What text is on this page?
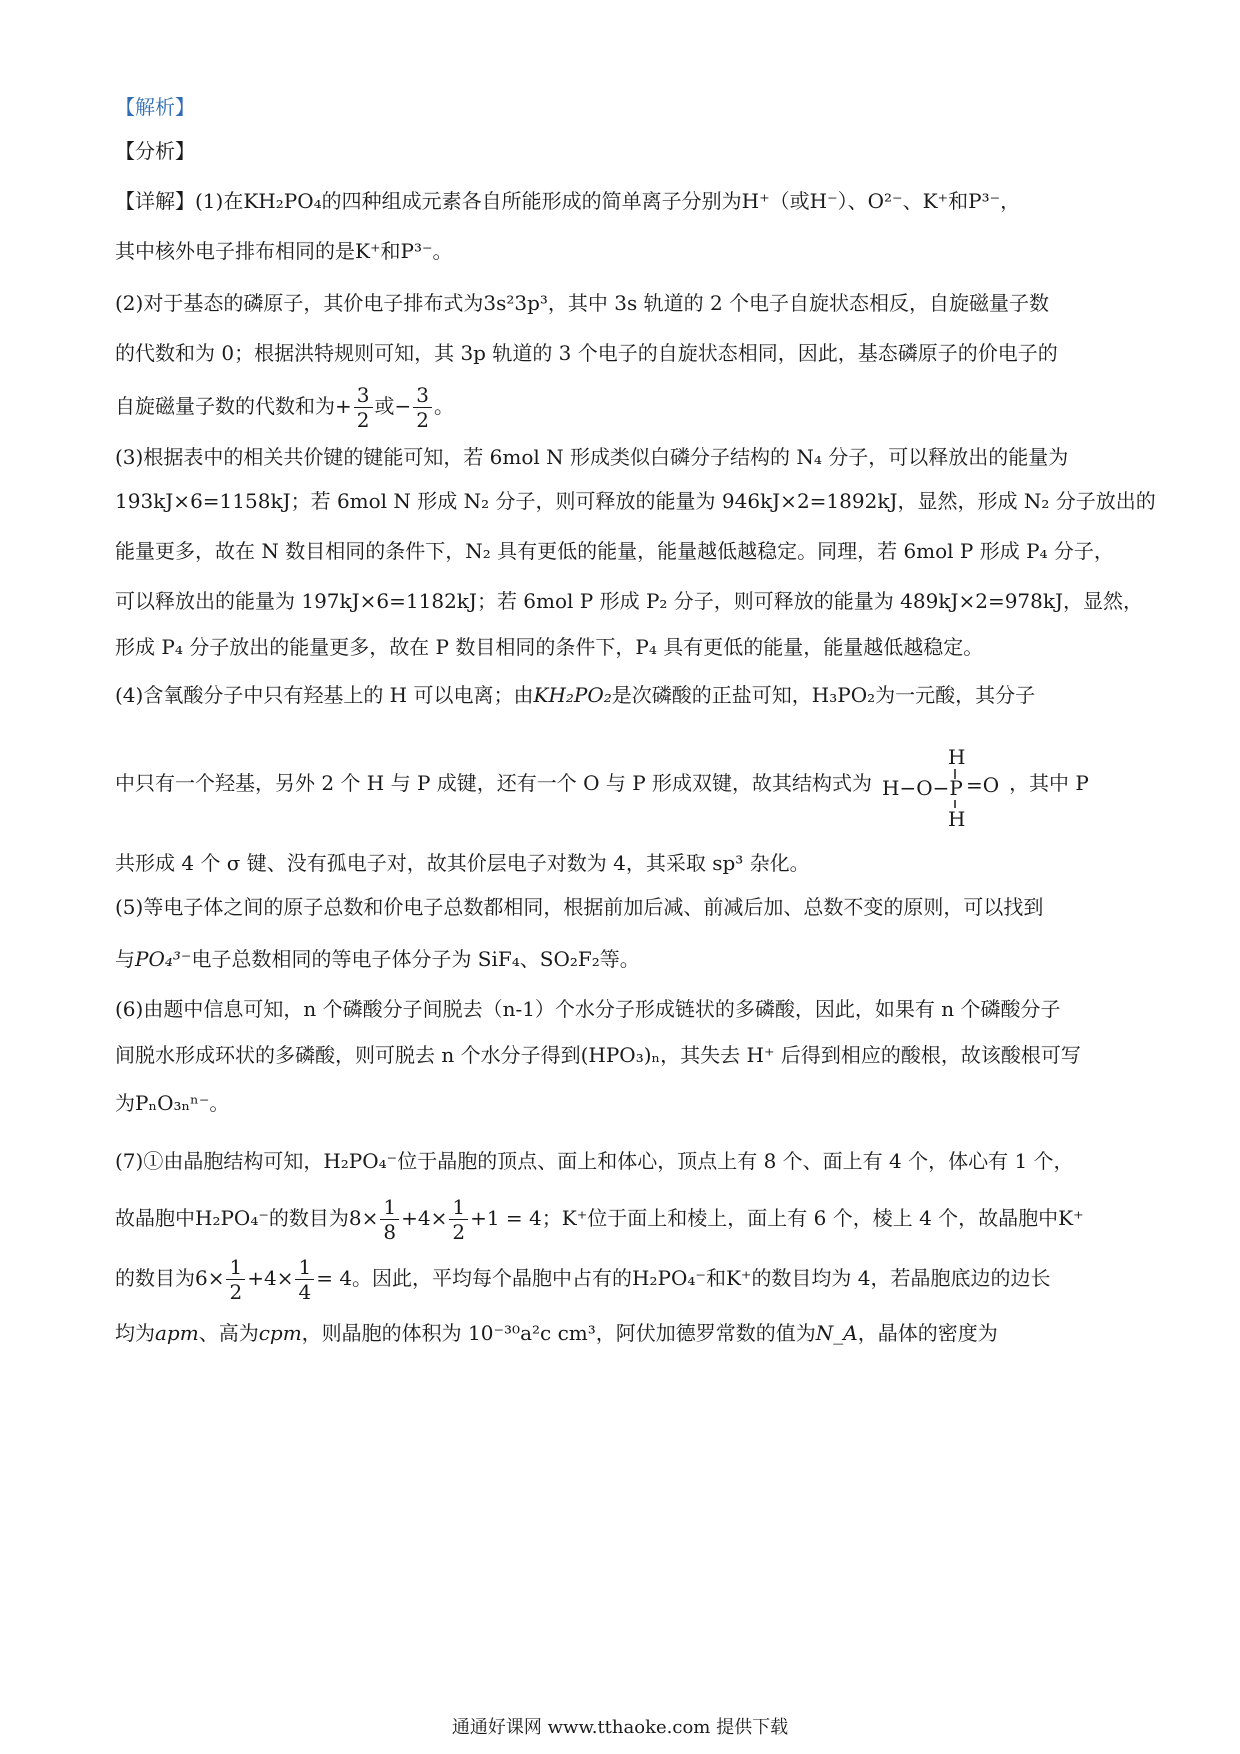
【解析】
【分析】
【详解】(1)在KH₂PO₄的四种组成元素各自所能形成的简单离子分别为H⁺（或H⁻）、O²⁻、K⁺和P³⁻，
其中核外电子排布相同的是K⁺和P³⁻。
(2)对于基态的磷原子，其价电子排布式为3s²3p³，其中 3s 轨道的 2 个电子自旋状态相反，自旋磁量子数
的代数和为 0；根据洪特规则可知，其 3p 轨道的 3 个电子的自旋状态相同，因此，基态磷原子的价电子的
自旋磁量子数的代数和为+ $\frac{3}{2}$ 或− $\frac{3}{2}$ 。
(3)根据表中的相关共价键的键能可知，若 6mol N 形成类似白磷分子结构的 N₄ 分子，可以释放出的能量为
193kJ×6=1158kJ；若 6mol N 形成 N₂ 分子，则可释放的能量为 946kJ×2=1892kJ，显然，形成 N₂ 分子放出的
能量更多，故在 N 数目相同的条件下，N₂ 具有更低的能量，能量越低越稳定。同理，若 6mol P 形成 P₄ 分子，
可以释放出的能量为 197kJ×6=1182kJ；若 6mol P 形成 P₂ 分子，则可释放的能量为 489kJ×2=978kJ，显然，
形成 P₄ 分子放出的能量更多，故在 P 数目相同的条件下，P₄ 具有更低的能量，能量越低越稳定。
(4)含氧酸分子中只有羟基上的 H 可以电离；由KH₂PO₂是次磷酸的正盐可知，H₃PO₂为一元酸，其分子
中只有一个羟基，另外 2 个 H 与 P 成键，还有一个 O 与 P 形成双键，故其结构式为
H
H−O−P =O
H
，其中 P
共形成 4 个 σ 键、没有孤电子对，故其价层电子对数为 4，其采取 sp³ 杂化。
(5)等电子体之间的原子总数和价电子总数都相同，根据前加后减、前减后加、总数不变的原则，可以找到
与PO₄³⁻电子总数相同的等电子体分子为 SiF₄、SO₂F₂等。
(6)由题中信息可知，n 个磷酸分子间脱去（n-1）个水分子形成链状的多磷酸，因此，如果有 n 个磷酸分子
间脱水形成环状的多磷酸，则可脱去 n 个水分子得到(HPO₃)ₙ，其失去 H⁺ 后得到相应的酸根，故该酸根可写
为PₙO₃ₙⁿ⁻。
(7)①由晶胞结构可知，H₂PO₄⁻位于晶胞的顶点、面上和体心，顶点上有 8 个、面上有 4 个，体心有 1 个，
故晶胞中H₂PO₄⁻的数目为$8\times \frac{1}{8} +4\times \frac{1}{2} +1 = 4$；K⁺位于面上和棱上，面上有 6 个，棱上 4 个，故晶胞中K⁺
的数目为$6\times \frac{1}{2} +4\times \frac{1}{4} = 4$。因此，平均每个晶胞中占有的H₂PO₄⁻和K⁺的数目均为 4，若晶胞底边的边长
均为apm、高为cpm，则晶胞的体积为 10⁻³⁰a²c cm³，阿伏加德罗常数的值为N_A，晶体的密度为
通通好课网 www.tthaoke.com 提供下载
